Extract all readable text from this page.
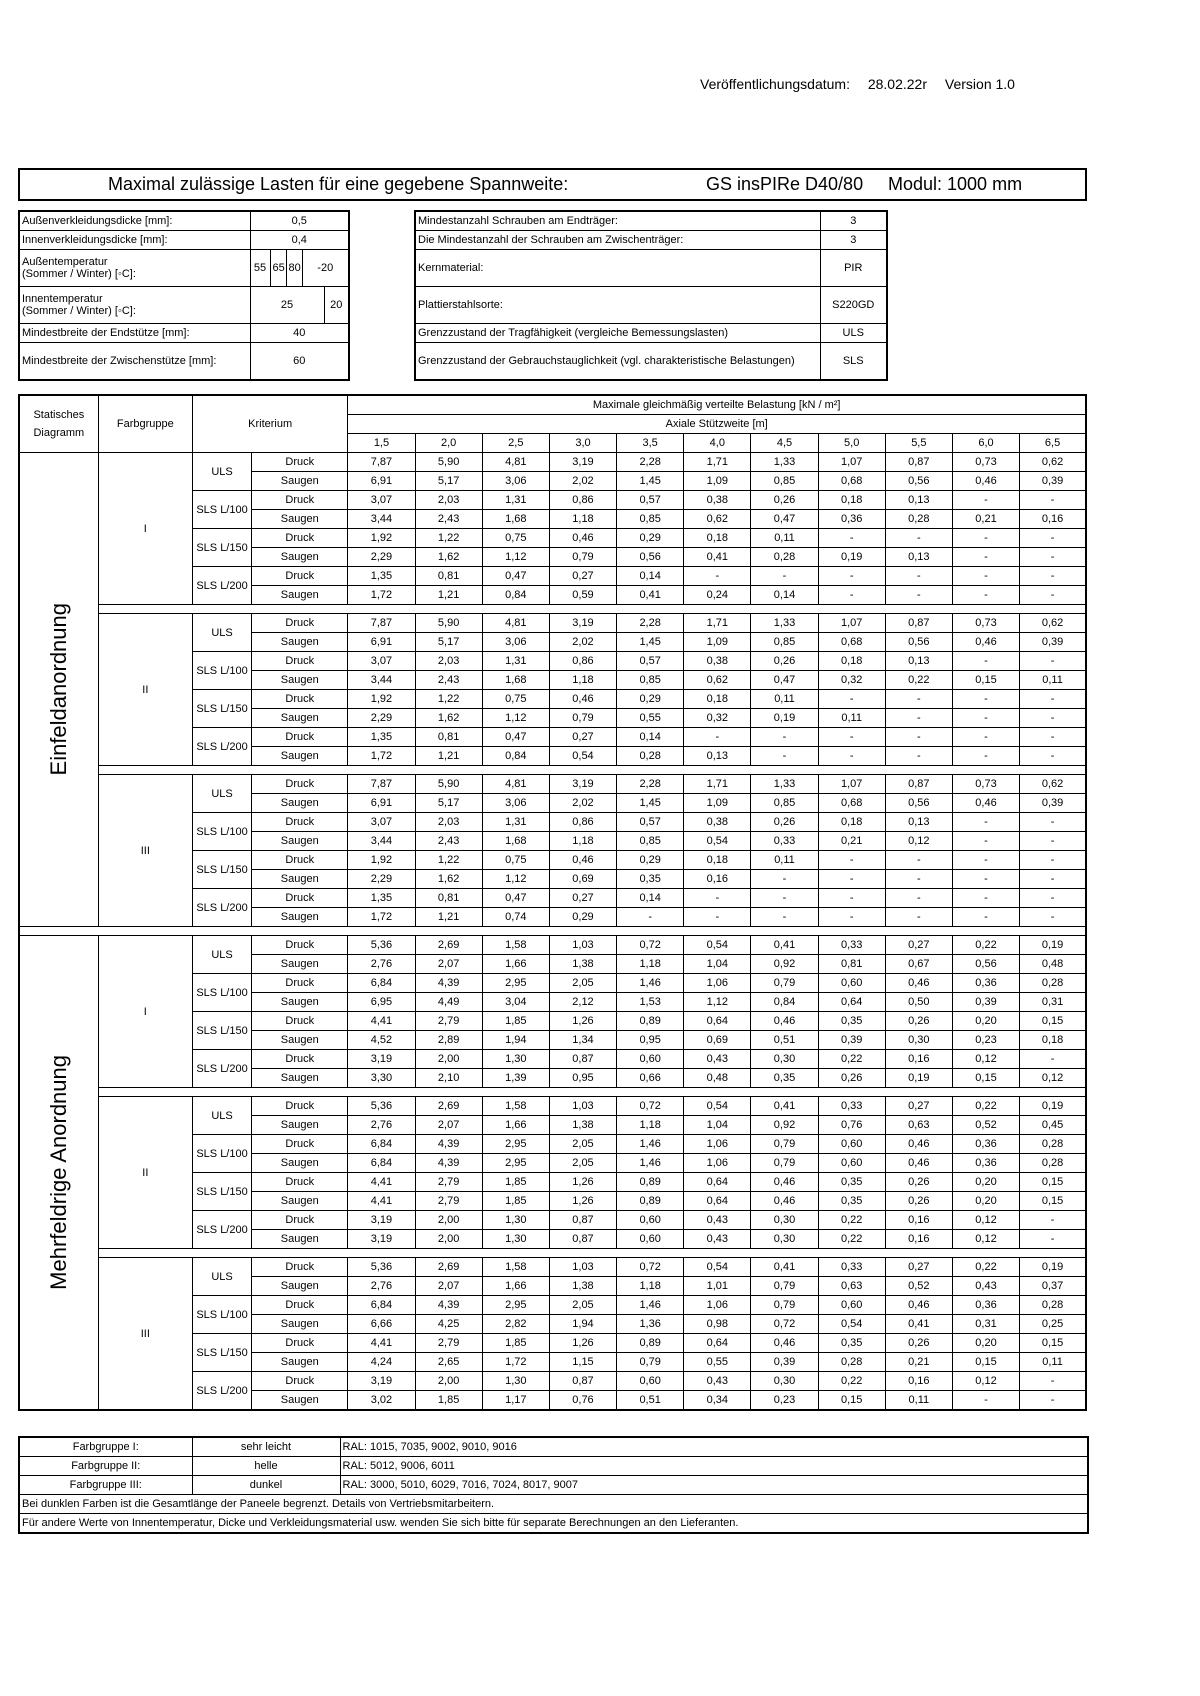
Veröffentlichungsdatum: 28.02.22r Version 1.0
Maximal zulässige Lasten für eine gegebene Spannweite:	GS insPIRe D40/80 Modul: 1000 mm
Außenverkleidungsdicke [mm]:	0,5				
Innenverkleidungsdicke [mm]:	0,4				

Außentemperatur
(Sommer / Winter) [◦C]:	55	65	80	-20	

Innentemperatur
(Sommer / Winter) [◦C]:	25				20
Mindestbreite der Endstütze [mm]:	40				
Mindestbreite der Zwischenstütze [mm]:	60				
Mindestanzahl Schrauben am Endträger:	3
Die Mindestanzahl der Schrauben am Zwischenträger:	3
Kernmaterial:	PIR
Plattierstahlsorte:	S220GD
Grenzzustand der Tragfähigkeit (vergleiche Bemessungslasten)	ULS
Grenzzustand der Gebrauchstauglichkeit (vgl. charakteristische Belastungen)	SLS
Statisches Diagramm	Farbgruppe	Kriterium		Maximale gleichmäßig verteilte Belastung [kN / m²]										
				Axiale Stützweite [m]										
				1,5	2,0	2,5	3,0	3,5	4,0	4,5	5,0	5,5	6,0	6,5

Einfeldanordnung	I	ULS	Druck	7,87	5,90	4,81	3,19	2,28	1,71	1,33	1,07	0,87	0,73	0,62
			Saugen	6,91	5,17	3,06	2,02	1,45	1,09	0,85	0,68	0,56	0,46	0,39
		SLS L/100	Druck	3,07	2,03	1,31	0,86	0,57	0,38	0,26	0,18	0,13	-	-
			Saugen	3,44	2,43	1,68	1,18	0,85	0,62	0,47	0,36	0,28	0,21	0,16
		SLS L/150	Druck	1,92	1,22	0,75	0,46	0,29	0,18	0,11	-	-	-	-
			Saugen	2,29	1,62	1,12	0,79	0,56	0,41	0,28	0,19	0,13	-	-
		SLS L/200	Druck	1,35	0,81	0,47	0,27	0,14	-	-	-	-	-	-
			Saugen	1,72	1,21	0,84	0,59	0,41	0,24	0,14	-	-	-	-

	II	ULS	Druck	7,87	5,90	4,81	3,19	2,28	1,71	1,33	1,07	0,87	0,73	0,62
			Saugen	6,91	5,17	3,06	2,02	1,45	1,09	0,85	0,68	0,56	0,46	0,39
		SLS L/100	Druck	3,07	2,03	1,31	0,86	0,57	0,38	0,26	0,18	0,13	-	-
			Saugen	3,44	2,43	1,68	1,18	0,85	0,62	0,47	0,32	0,22	0,15	0,11
		SLS L/150	Druck	1,92	1,22	0,75	0,46	0,29	0,18	0,11	-	-	-	-
			Saugen	2,29	1,62	1,12	0,79	0,55	0,32	0,19	0,11	-	-	-
		SLS L/200	Druck	1,35	0,81	0,47	0,27	0,14	-	-	-	-	-	-
			Saugen	1,72	1,21	0,84	0,54	0,28	0,13	-	-	-	-	-

	III	ULS	Druck	7,87	5,90	4,81	3,19	2,28	1,71	1,33	1,07	0,87	0,73	0,62
			Saugen	6,91	5,17	3,06	2,02	1,45	1,09	0,85	0,68	0,56	0,46	0,39
		SLS L/100	Druck	3,07	2,03	1,31	0,86	0,57	0,38	0,26	0,18	0,13	-	-
			Saugen	3,44	2,43	1,68	1,18	0,85	0,54	0,33	0,21	0,12	-	-
		SLS L/150	Druck	1,92	1,22	0,75	0,46	0,29	0,18	0,11	-	-	-	-
			Saugen	2,29	1,62	1,12	0,69	0,35	0,16	-	-	-	-	-
		SLS L/200	Druck	1,35	0,81	0,47	0,27	0,14	-	-	-	-	-	-
			Saugen	1,72	1,21	0,74	0,29	-	-	-	-	-	-	-

Mehrfeldrige Anordnung	I	ULS	Druck	5,36	2,69	1,58	1,03	0,72	0,54	0,41	0,33	0,27	0,22	0,19
			Saugen	2,76	2,07	1,66	1,38	1,18	1,04	0,92	0,81	0,67	0,56	0,48
		SLS L/100	Druck	6,84	4,39	2,95	2,05	1,46	1,06	0,79	0,60	0,46	0,36	0,28
			Saugen	6,95	4,49	3,04	2,12	1,53	1,12	0,84	0,64	0,50	0,39	0,31
		SLS L/150	Druck	4,41	2,79	1,85	1,26	0,89	0,64	0,46	0,35	0,26	0,20	0,15
			Saugen	4,52	2,89	1,94	1,34	0,95	0,69	0,51	0,39	0,30	0,23	0,18
		SLS L/200	Druck	3,19	2,00	1,30	0,87	0,60	0,43	0,30	0,22	0,16	0,12	-
			Saugen	3,30	2,10	1,39	0,95	0,66	0,48	0,35	0,26	0,19	0,15	0,12

	II	ULS	Druck	5,36	2,69	1,58	1,03	0,72	0,54	0,41	0,33	0,27	0,22	0,19
			Saugen	2,76	2,07	1,66	1,38	1,18	1,04	0,92	0,76	0,63	0,52	0,45
		SLS L/100	Druck	6,84	4,39	2,95	2,05	1,46	1,06	0,79	0,60	0,46	0,36	0,28
			Saugen	6,84	4,39	2,95	2,05	1,46	1,06	0,79	0,60	0,46	0,36	0,28
		SLS L/150	Druck	4,41	2,79	1,85	1,26	0,89	0,64	0,46	0,35	0,26	0,20	0,15
			Saugen	4,41	2,79	1,85	1,26	0,89	0,64	0,46	0,35	0,26	0,20	0,15
		SLS L/200	Druck	3,19	2,00	1,30	0,87	0,60	0,43	0,30	0,22	0,16	0,12	-
			Saugen	3,19	2,00	1,30	0,87	0,60	0,43	0,30	0,22	0,16	0,12	-

	III	ULS	Druck	5,36	2,69	1,58	1,03	0,72	0,54	0,41	0,33	0,27	0,22	0,19
			Saugen	2,76	2,07	1,66	1,38	1,18	1,01	0,79	0,63	0,52	0,43	0,37
		SLS L/100	Druck	6,84	4,39	2,95	2,05	1,46	1,06	0,79	0,60	0,46	0,36	0,28
			Saugen	6,66	4,25	2,82	1,94	1,36	0,98	0,72	0,54	0,41	0,31	0,25
		SLS L/150	Druck	4,41	2,79	1,85	1,26	0,89	0,64	0,46	0,35	0,26	0,20	0,15
			Saugen	4,24	2,65	1,72	1,15	0,79	0,55	0,39	0,28	0,21	0,15	0,11
		SLS L/200	Druck	3,19	2,00	1,30	0,87	0,60	0,43	0,30	0,22	0,16	0,12	-
			Saugen	3,02	1,85	1,17	0,76	0,51	0,34	0,23	0,15	0,11	-	-
Farbgruppe I:	sehr leicht	RAL: 1015, 7035, 9002, 9010, 9016
Farbgruppe II:	helle	RAL: 5012, 9006, 6011
Farbgruppe III:	dunkel	RAL: 3000, 5010, 6029, 7016, 7024, 8017, 9007
Bei dunklen Farben ist die Gesamtlänge der Paneele begrenzt. Details von Vertriebsmitarbeitern.		
Für andere Werte von Innentemperatur, Dicke und Verkleidungsmaterial usw. wenden Sie sich bitte für separate Berechnungen an den Lieferanten.		
